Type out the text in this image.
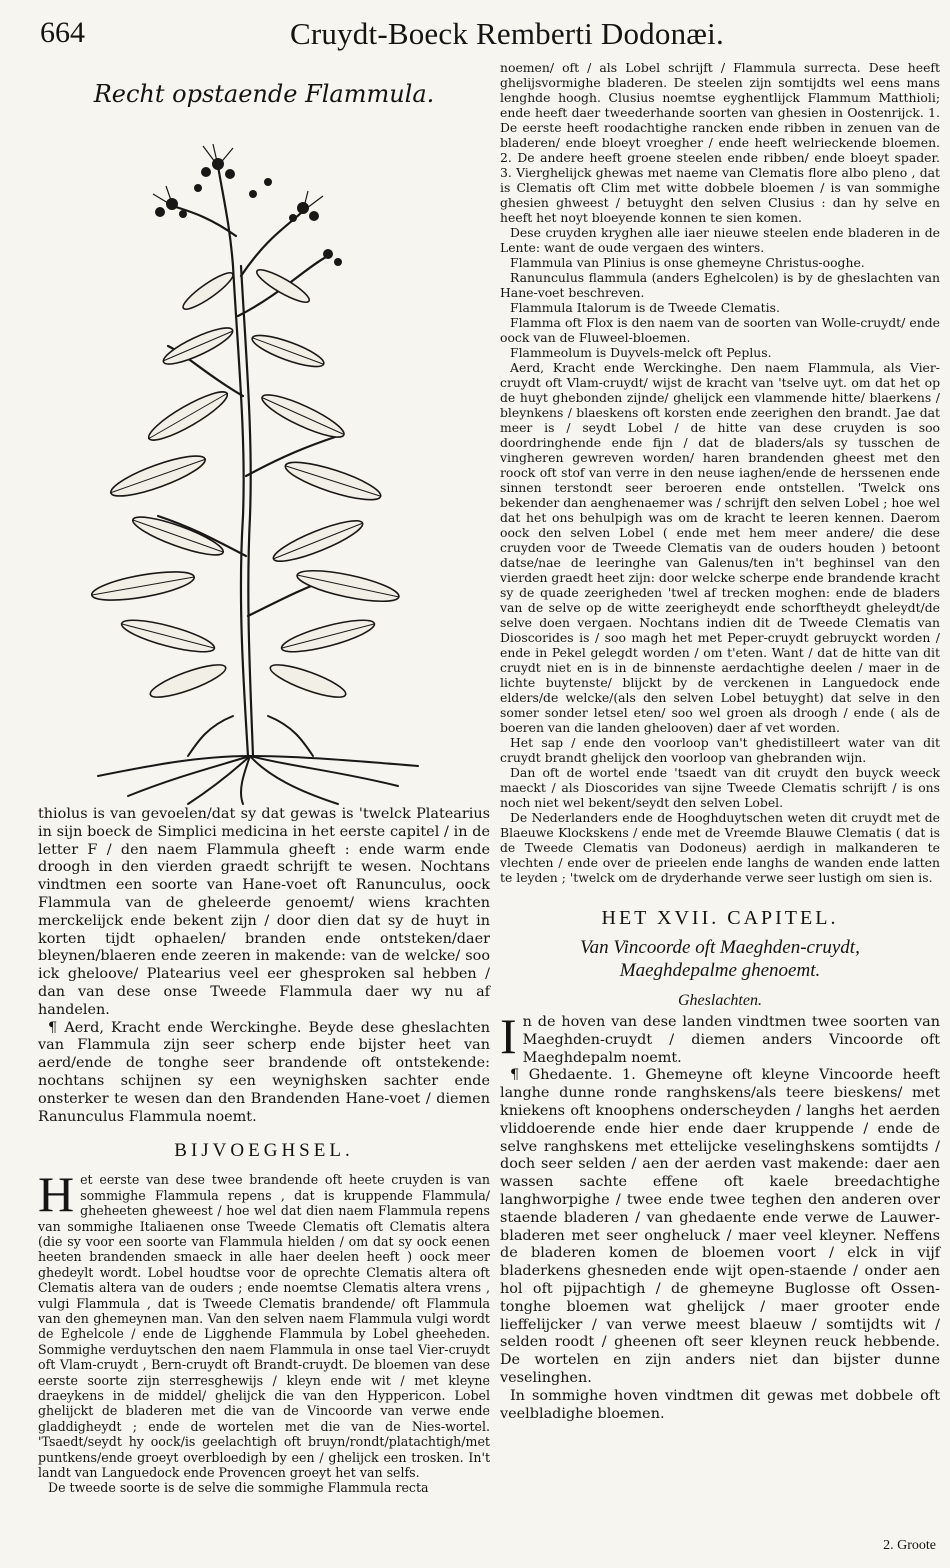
664	Cruydt-Boeck Remberti Dodonæi.
Recht opstaende Flammula.

thiolus is van gevoelen/dat sy dat gewas is 'twelck Platearius in sijn boeck de Simplici medicina in het eerste capitel / in de letter F / den naem Flammula gheeft : ende warm ende droogh in den vierden graedt schrijft te wesen. Nochtans vindtmen een soorte van Hane-voet oft Ranunculus, oock Flammula van de gheleerde genoemt/ wiens krachten merckelijck ende bekent zijn / door dien dat sy de huyt in korten tijdt ophaelen/ branden ende ontsteken/daer bleynen/blaeren ende zeeren in makende: van de welcke/ soo ick gheloove/ Platearius veel eer ghesproken sal hebben / dan van dese onse Tweede Flammula daer wy nu af handelen.

¶ Aerd, Kracht ende Werckinghe. Beyde dese gheslachten van Flammula zijn seer scherp ende bijster heet van aerd/ende de tonghe seer brandende oft ontstekende: nochtans schijnen sy een weynighsken sachter ende onsterker te wesen dan den Brandenden Hane-voet / diemen Ranunculus Flammula noemt.

BIJVOEGHSEL.

Het eerste van dese twee brandende oft heete cruyden is van sommighe Flammula repens , dat is kruppende Flammula/ gheheeten gheweest / hoe wel dat dien naem Flammula repens van sommighe Italiaenen onse Tweede Clematis oft Clematis altera (die sy voor een soorte van Flammula hielden / om dat sy oock eenen heeten brandenden smaeck in alle haer deelen heeft ) oock meer ghedeylt wordt. Lobel houdtse voor de oprechte Clematis altera oft Clematis altera van de ouders ; ende noemtse Clematis altera vrens , vulgi Flammula , dat is Tweede Clematis brandende/ oft Flammula van den ghemeynen man. Van den selven naem Flammula vulgi wordt de Eghelcole / ende de Ligghende Flammula by Lobel gheeheden. Sommighe verduytschen den naem Flammula in onse tael Vier-cruydt oft Vlam-cruydt , Bern-cruydt oft Brandt-cruydt. De bloemen van dese eerste soorte zijn sterresghewijs / kleyn ende wit / met kleyne draeykens in de middel/ ghelijck die van den Hyppericon. Lobel ghelijckt de bladeren met die van de Vincoorde van verwe ende gladdigheydt ; ende de wortelen met die van de Nies-wortel. 'Tsaedt/seydt hy oock/is geelachtigh oft bruyn/rondt/platachtigh/met puntkens/ende groeyt overbloedigh by een / ghelijck een trosken. In't landt van Languedock ende Provencen groeyt het van selfs.

De tweede soorte is de selve die sommighe Flammula recta

noemen/ oft / als Lobel schrijft / Flammula surrecta. Dese heeft ghelijsvormighe bladeren. De steelen zijn somtijdts wel eens mans lenghde hoogh. Clusius noemtse eyghentlijck Flammum Matthioli; ende heeft daer tweederhande soorten van ghesien in Oostenrijck. 1. De eerste heeft roodachtighe rancken ende ribben in zenuen van de bladeren/ ende bloeyt vroegher / ende heeft welrieckende bloemen. 2. De andere heeft groene steelen ende ribben/ ende bloeyt spader. 3. Vierghelijck ghewas met naeme van Clematis flore albo pleno , dat is Clematis oft Clim met witte dobbele bloemen / is van sommighe ghesien ghweest / betuyght den selven Clusius : dan hy selve en heeft het noyt bloeyende konnen te sien komen.

Dese cruyden kryghen alle iaer nieuwe steelen ende bladeren in de Lente: want de oude vergaen des winters.

Flammula van Plinius is onse ghemeyne Christus-ooghe.

Ranunculus flammula (anders Eghelcolen) is by de gheslachten van Hane-voet beschreven.

Flammula Italorum is de Tweede Clematis.

Flamma oft Flox is den naem van de soorten van Wolle-cruydt/ ende oock van de Fluweel-bloemen.

Flammeolum is Duyvels-melck oft Peplus.

Aerd, Kracht ende Werckinghe. Den naem Flammula, als Vier-cruydt oft Vlam-cruydt/ wijst de kracht van 'tselve uyt. om dat het op de huyt ghebonden zijnde/ ghelijck een vlammende hitte/ blaerkens / bleynkens / blaeskens oft korsten ende zeerighen den brandt. Jae dat meer is / seydt Lobel / de hitte van dese cruyden is soo doordringhende ende fijn / dat de bladers/als sy tusschen de vingheren gewreven worden/ haren brandenden gheest met den roock oft stof van verre in den neuse iaghen/ende de herssenen ende sinnen terstondt seer beroeren ende ontstellen. 'Twelck ons bekender dan aenghenaemer was / schrijft den selven Lobel ; hoe wel dat het ons behulpigh was om de kracht te leeren kennen. Daerom oock den selven Lobel ( ende met hem meer andere/ die dese cruyden voor de Tweede Clematis van de ouders houden ) betoont datse/nae de leeringhe van Galenus/ten in't beghinsel van den vierden graedt heet zijn: door welcke scherpe ende brandende kracht sy de quade zeerigheden 'twel af trecken moghen: ende de bladers van de selve op de witte zeerigheydt ende schorftheydt gheleydt/de selve doen vergaen. Nochtans indien dit de Tweede Clematis van Dioscorides is / soo magh het met Peper-cruydt gebruyckt worden / ende in Pekel gelegdt worden / om t'eten. Want / dat de hitte van dit cruydt niet en is in de binnenste aerdachtighe deelen / maer in de lichte buytenste/ blijckt by de verckenen in Languedock ende elders/de welcke/(als den selven Lobel betuyght) dat selve in den somer sonder letsel eten/ soo wel groen als droogh / ende ( als de boeren van die landen ghelooven) daer af vet worden.

Het sap / ende den voorloop van't ghedistilleert water van dit cruydt brandt ghelijck den voorloop van ghebranden wijn.

Dan oft de wortel ende 'tsaedt van dit cruydt den buyck weeck maeckt / als Dioscorides van sijne Tweede Clematis schrijft / is ons noch niet wel bekent/seydt den selven Lobel.

De Nederlanders ende de Hooghduytschen weten dit cruydt met de Blaeuwe Klockskens / ende met de Vreemde Blauwe Clematis ( dat is de Tweede Clematis van Dodoneus) aerdigh in malkanderen te vlechten / ende over de prieelen ende langhs de wanden ende latten te leyden ; 'twelck om de dryderhande verwe seer lustigh om sien is.

HET XVII. CAPITEL.
Van Vincoorde oft Maeghden-cruydt,
Maeghdepalme ghenoemt.
Gheslachten.

In de hoven van dese landen vindtmen twee soorten van Maeghden-cruydt / diemen anders Vincoorde oft Maeghdepalm noemt.

¶ Ghedaente. 1. Ghemeyne oft kleyne Vincoorde heeft langhe dunne ronde ranghskens/als teere bieskens/ met kniekens oft knoophens onderscheyden / langhs het aerden vliddoerende ende hier ende daer kruppende / ende de selve ranghskens met ettelijcke veselinghskens somtijdts / doch seer selden / aen der aerden vast makende: daer aen wassen sachte effene oft kaele breedachtighe langhworpighe / twee ende twee teghen den anderen over staende bladeren / van ghedaente ende verwe de Lauwer-bladeren met seer ongheluck / maer veel kleyner. Neffens de bladeren komen de bloemen voort / elck in vijf bladerkens ghesneden ende wijt open-staende / onder aen hol oft pijpachtigh / de ghemeyne Buglosse oft Ossen-tonghe bloemen wat ghelijck / maer grooter ende lieffelijcker / van verwe meest blaeuw / somtijdts wit / selden roodt / gheenen oft seer kleynen reuck hebbende. De wortelen en zijn anders niet dan bijster dunne veselinghen.

In sommighe hoven vindtmen dit gewas met dobbele oft veelbladighe bloemen.

2. Groote
